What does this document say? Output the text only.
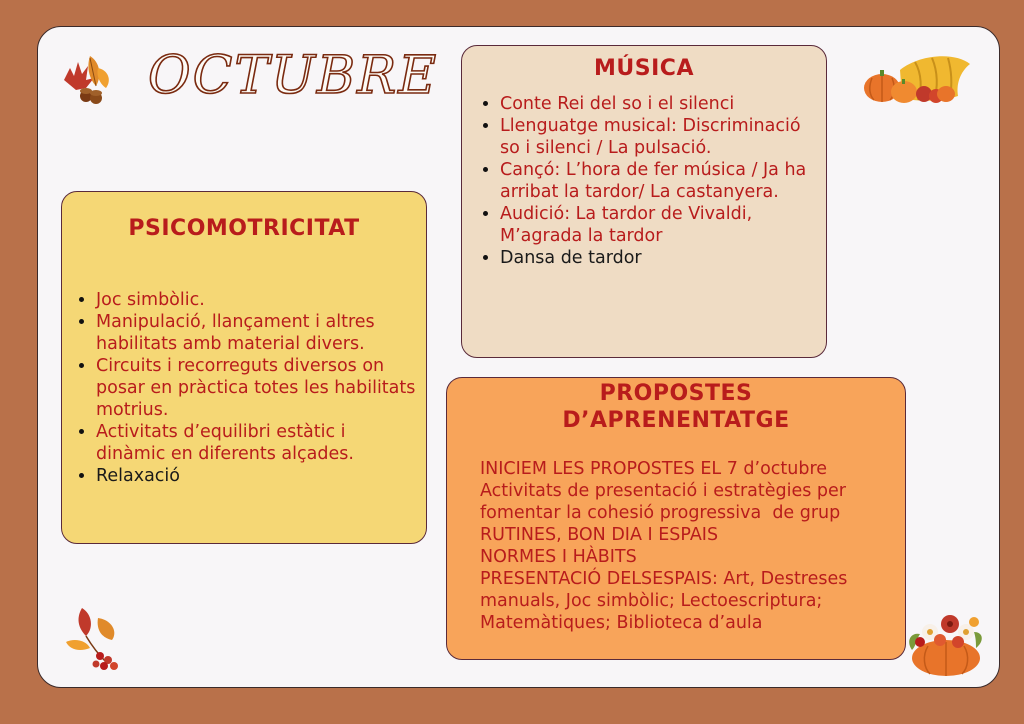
OCTUBRE
PSICOMOTRICITAT
• Joc simbòlic.
• Manipulació, llançament i altres habilitats amb material divers.
• Circuits i recorreguts diversos on posar en pràctica totes les habilitats motrius.
• Activitats d’equilibri estàtic i dinàmic en diferents alçades.
• Relaxació
MÚSICA
• Conte Rei del so i el silenci
• Llenguatge musical: Discriminació so i silenci / La pulsació.
• Cançó: L’hora de fer música / Ja ha arribat la tardor/ La castanyera.
• Audició: La tardor de Vivaldi, M’agrada la tardor
• Dansa de tardor
PROPOSTES
D’APRENENTATGE
INICIEM LES PROPOSTES EL 7 d’octubre
Activitats de presentació i estratègies per
fomentar la cohesió progressiva  de grup
RUTINES, BON DIA I ESPAIS
NORMES I HÀBITS
PRESENTACIÓ DELSESPAIS: Art, Destreses
manuals, Joc simbòlic; Lectoescriptura;
Matemàtiques; Biblioteca d’aula
